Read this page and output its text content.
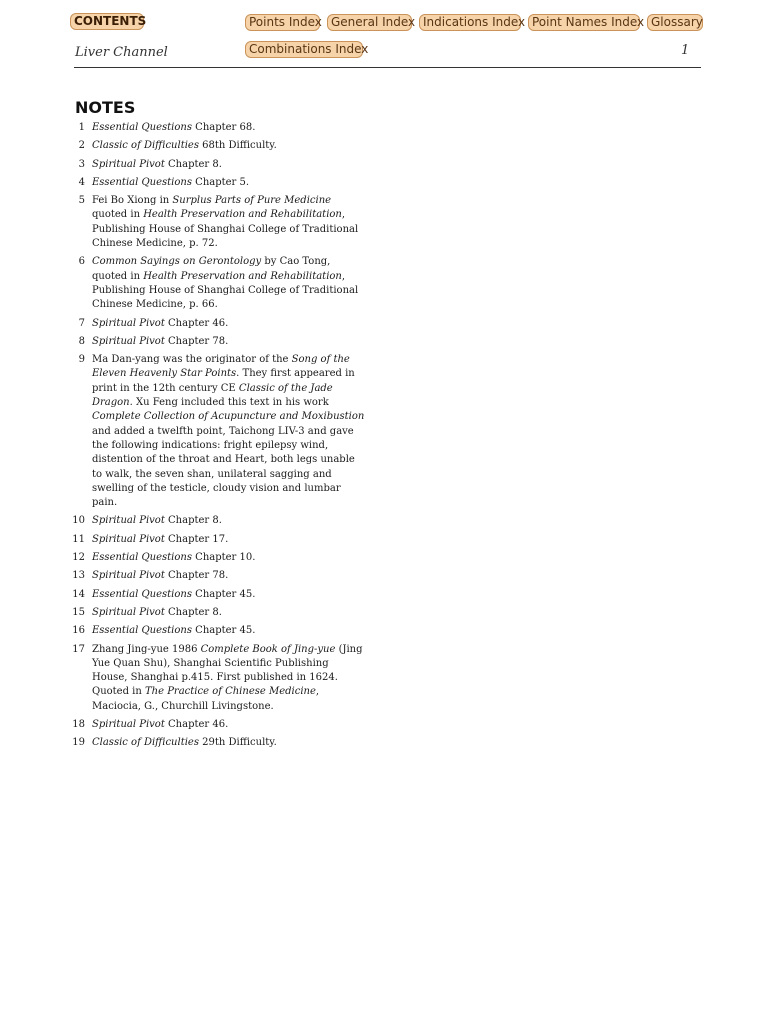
CONTENTS	Points Index General Index Indications Index Point Names Index Glossary
Combinations Index
Liver Channel	1
NOTES
1 Essential Questions Chapter 68.
2 Classic of Difficulties 68th Difficulty.
3 Spiritual Pivot Chapter 8.
4 Essential Questions Chapter 5.
5 Fei Bo Xiong in Surplus Parts of Pure Medicine quoted in Health Preservation and Rehabilitation, Publishing House of Shanghai College of Traditional Chinese Medicine, p. 72.
6 Common Sayings on Gerontology by Cao Tong, quoted in Health Preservation and Rehabilitation, Publishing House of Shanghai College of Traditional Chinese Medicine, p. 66.
7 Spiritual Pivot Chapter 46.
8 Spiritual Pivot Chapter 78.
9 Ma Dan-yang was the originator of the Song of the Eleven Heavenly Star Points. They first appeared in print in the 12th century CE Classic of the Jade Dragon. Xu Feng included this text in his work Complete Collection of Acupuncture and Moxibustion and added a twelfth point, Taichong LIV-3 and gave the following indications: fright epilepsy wind, distention of the throat and Heart, both legs unable to walk, the seven shan, unilateral sagging and swelling of the testicle, cloudy vision and lumbar pain.
10 Spiritual Pivot Chapter 8.
11 Spiritual Pivot Chapter 17.
12 Essential Questions Chapter 10.
13 Spiritual Pivot Chapter 78.
14 Essential Questions Chapter 45.
15 Spiritual Pivot Chapter 8.
16 Essential Questions Chapter 45.
17 Zhang Jing-yue 1986 Complete Book of Jing-yue (Jing Yue Quan Shu), Shanghai Scientific Publishing House, Shanghai p.415. First published in 1624. Quoted in The Practice of Chinese Medicine, Maciocia, G., Churchill Livingstone.
18 Spiritual Pivot Chapter 46.
19 Classic of Difficulties 29th Difficulty.
